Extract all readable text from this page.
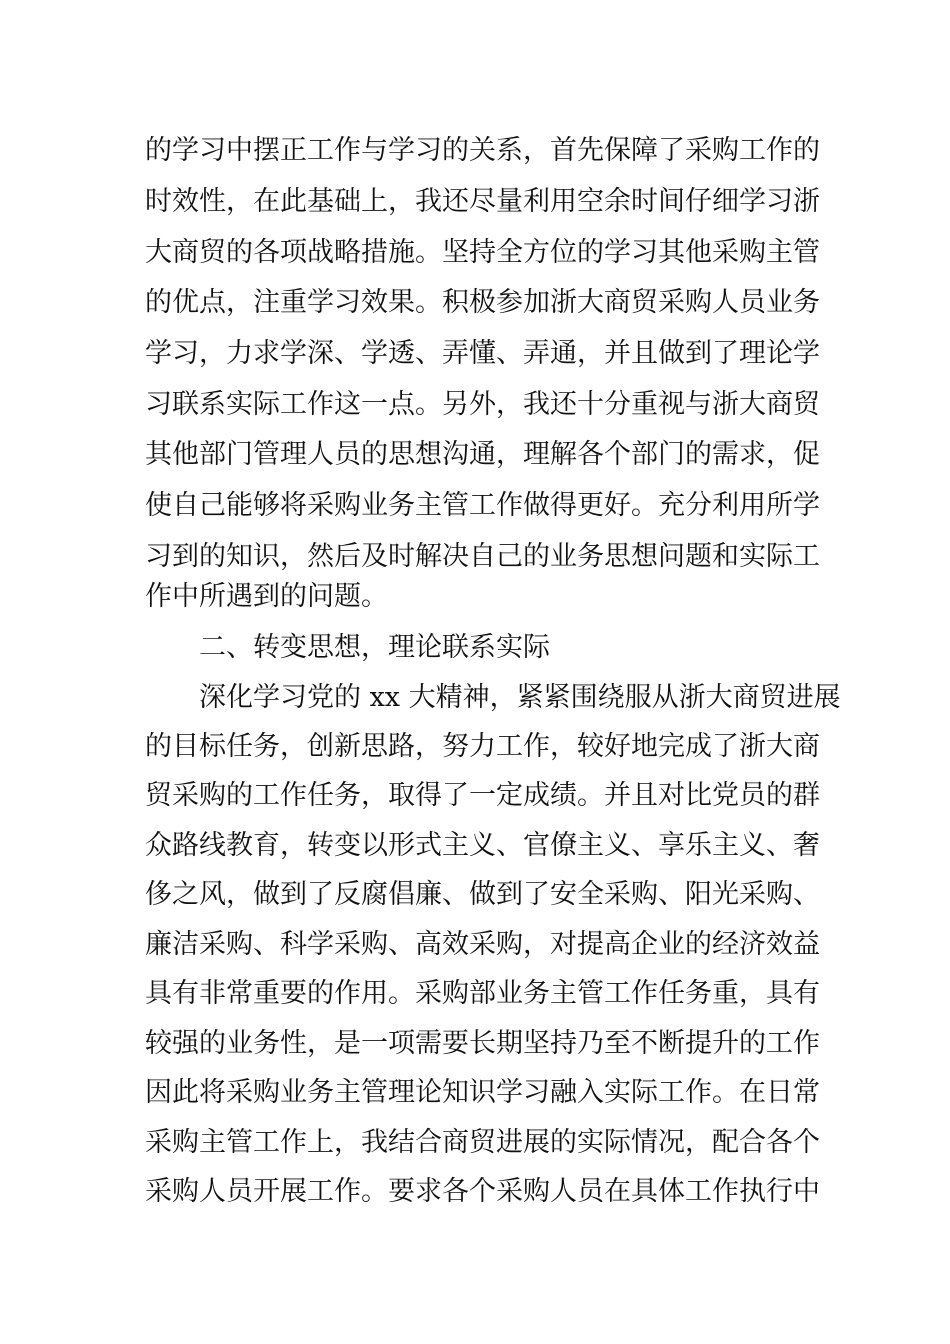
的学习中摆正工作与学习的关系，首先保障了采购工作的
时效性，在此基础上，我还尽量利用空余时间仔细学习浙
大商贸的各项战略措施。坚持全方位的学习其他采购主管
的优点，注重学习效果。积极参加浙大商贸采购人员业务
学习，力求学深、学透、弄懂、弄通，并且做到了理论学
习联系实际工作这一点。另外，我还十分重视与浙大商贸
其他部门管理人员的思想沟通，理解各个部门的需求，促
使自己能够将采购业务主管工作做得更好。充分利用所学
习到的知识，然后及时解决自己的业务思想问题和实际工
作中所遇到的问题。
二、转变思想，理论联系实际
深化学习党的 xx 大精神，紧紧围绕服从浙大商贸进展
的目标任务，创新思路，努力工作，较好地完成了浙大商
贸采购的工作任务，取得了一定成绩。并且对比党员的群
众路线教育，转变以形式主义、官僚主义、享乐主义、奢
侈之风，做到了反腐倡廉、做到了安全采购、阳光采购、
廉洁采购、科学采购、高效采购，对提高企业的经济效益
具有非常重要的作用。采购部业务主管工作任务重，具有
较强的业务性，是一项需要长期坚持乃至不断提升的工作
因此将采购业务主管理论知识学习融入实际工作。在日常
采购主管工作上，我结合商贸进展的实际情况，配合各个
采购人员开展工作。要求各个采购人员在具体工作执行中
